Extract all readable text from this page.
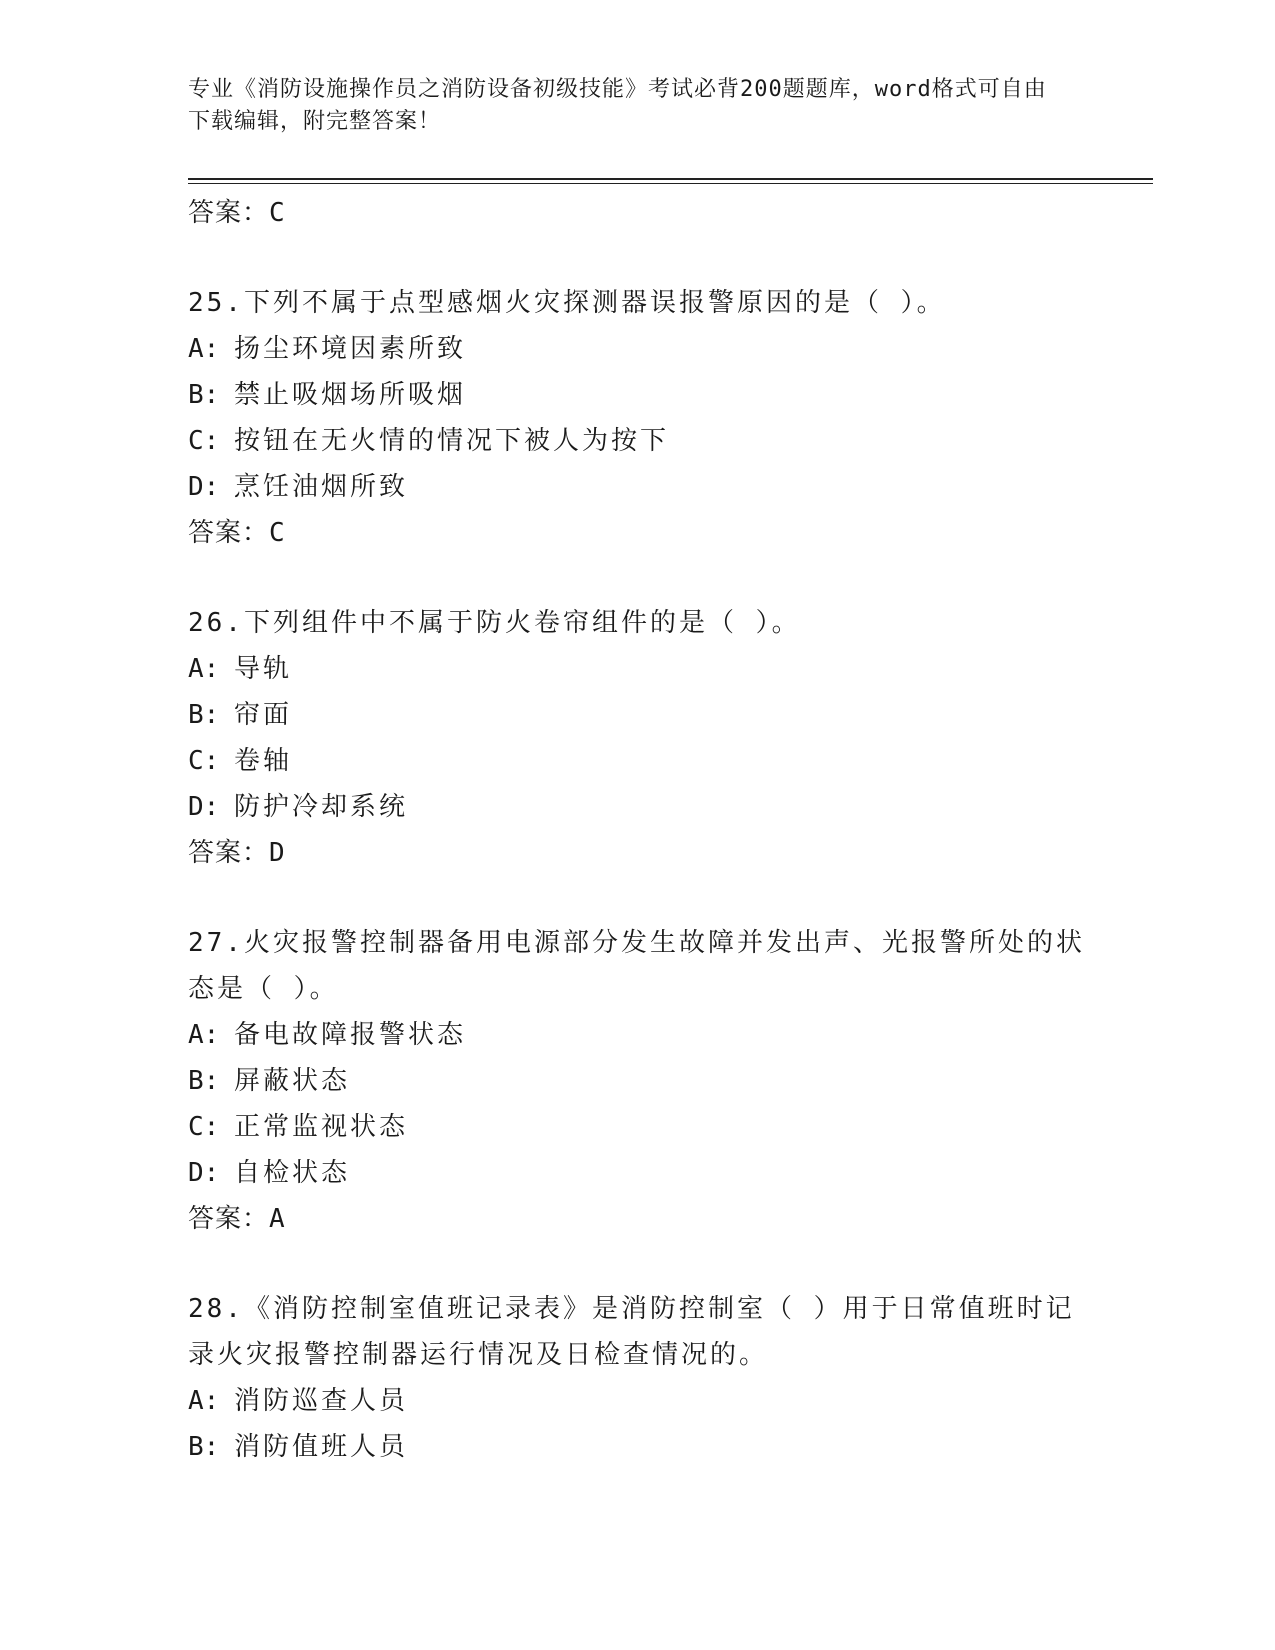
专业《消防设施操作员之消防设备初级技能》考试必背200题题库，word格式可自由下载编辑，附完整答案！
答案：C
25.下列不属于点型感烟火灾探测器误报警原因的是（ ）。
A: 扬尘环境因素所致
B: 禁止吸烟场所吸烟
C: 按钮在无火情的情况下被人为按下
D: 烹饪油烟所致
答案：C
26.下列组件中不属于防火卷帘组件的是（ ）。
A: 导轨
B: 帘面
C: 卷轴
D: 防护冷却系统
答案：D
27.火灾报警控制器备用电源部分发生故障并发出声、光报警所处的状态是（ ）。
A: 备电故障报警状态
B: 屏蔽状态
C: 正常监视状态
D: 自检状态
答案：A
28.《消防控制室值班记录表》是消防控制室（ ）用于日常值班时记录火灾报警控制器运行情况及日检查情况的。
A: 消防巡查人员
B: 消防值班人员
